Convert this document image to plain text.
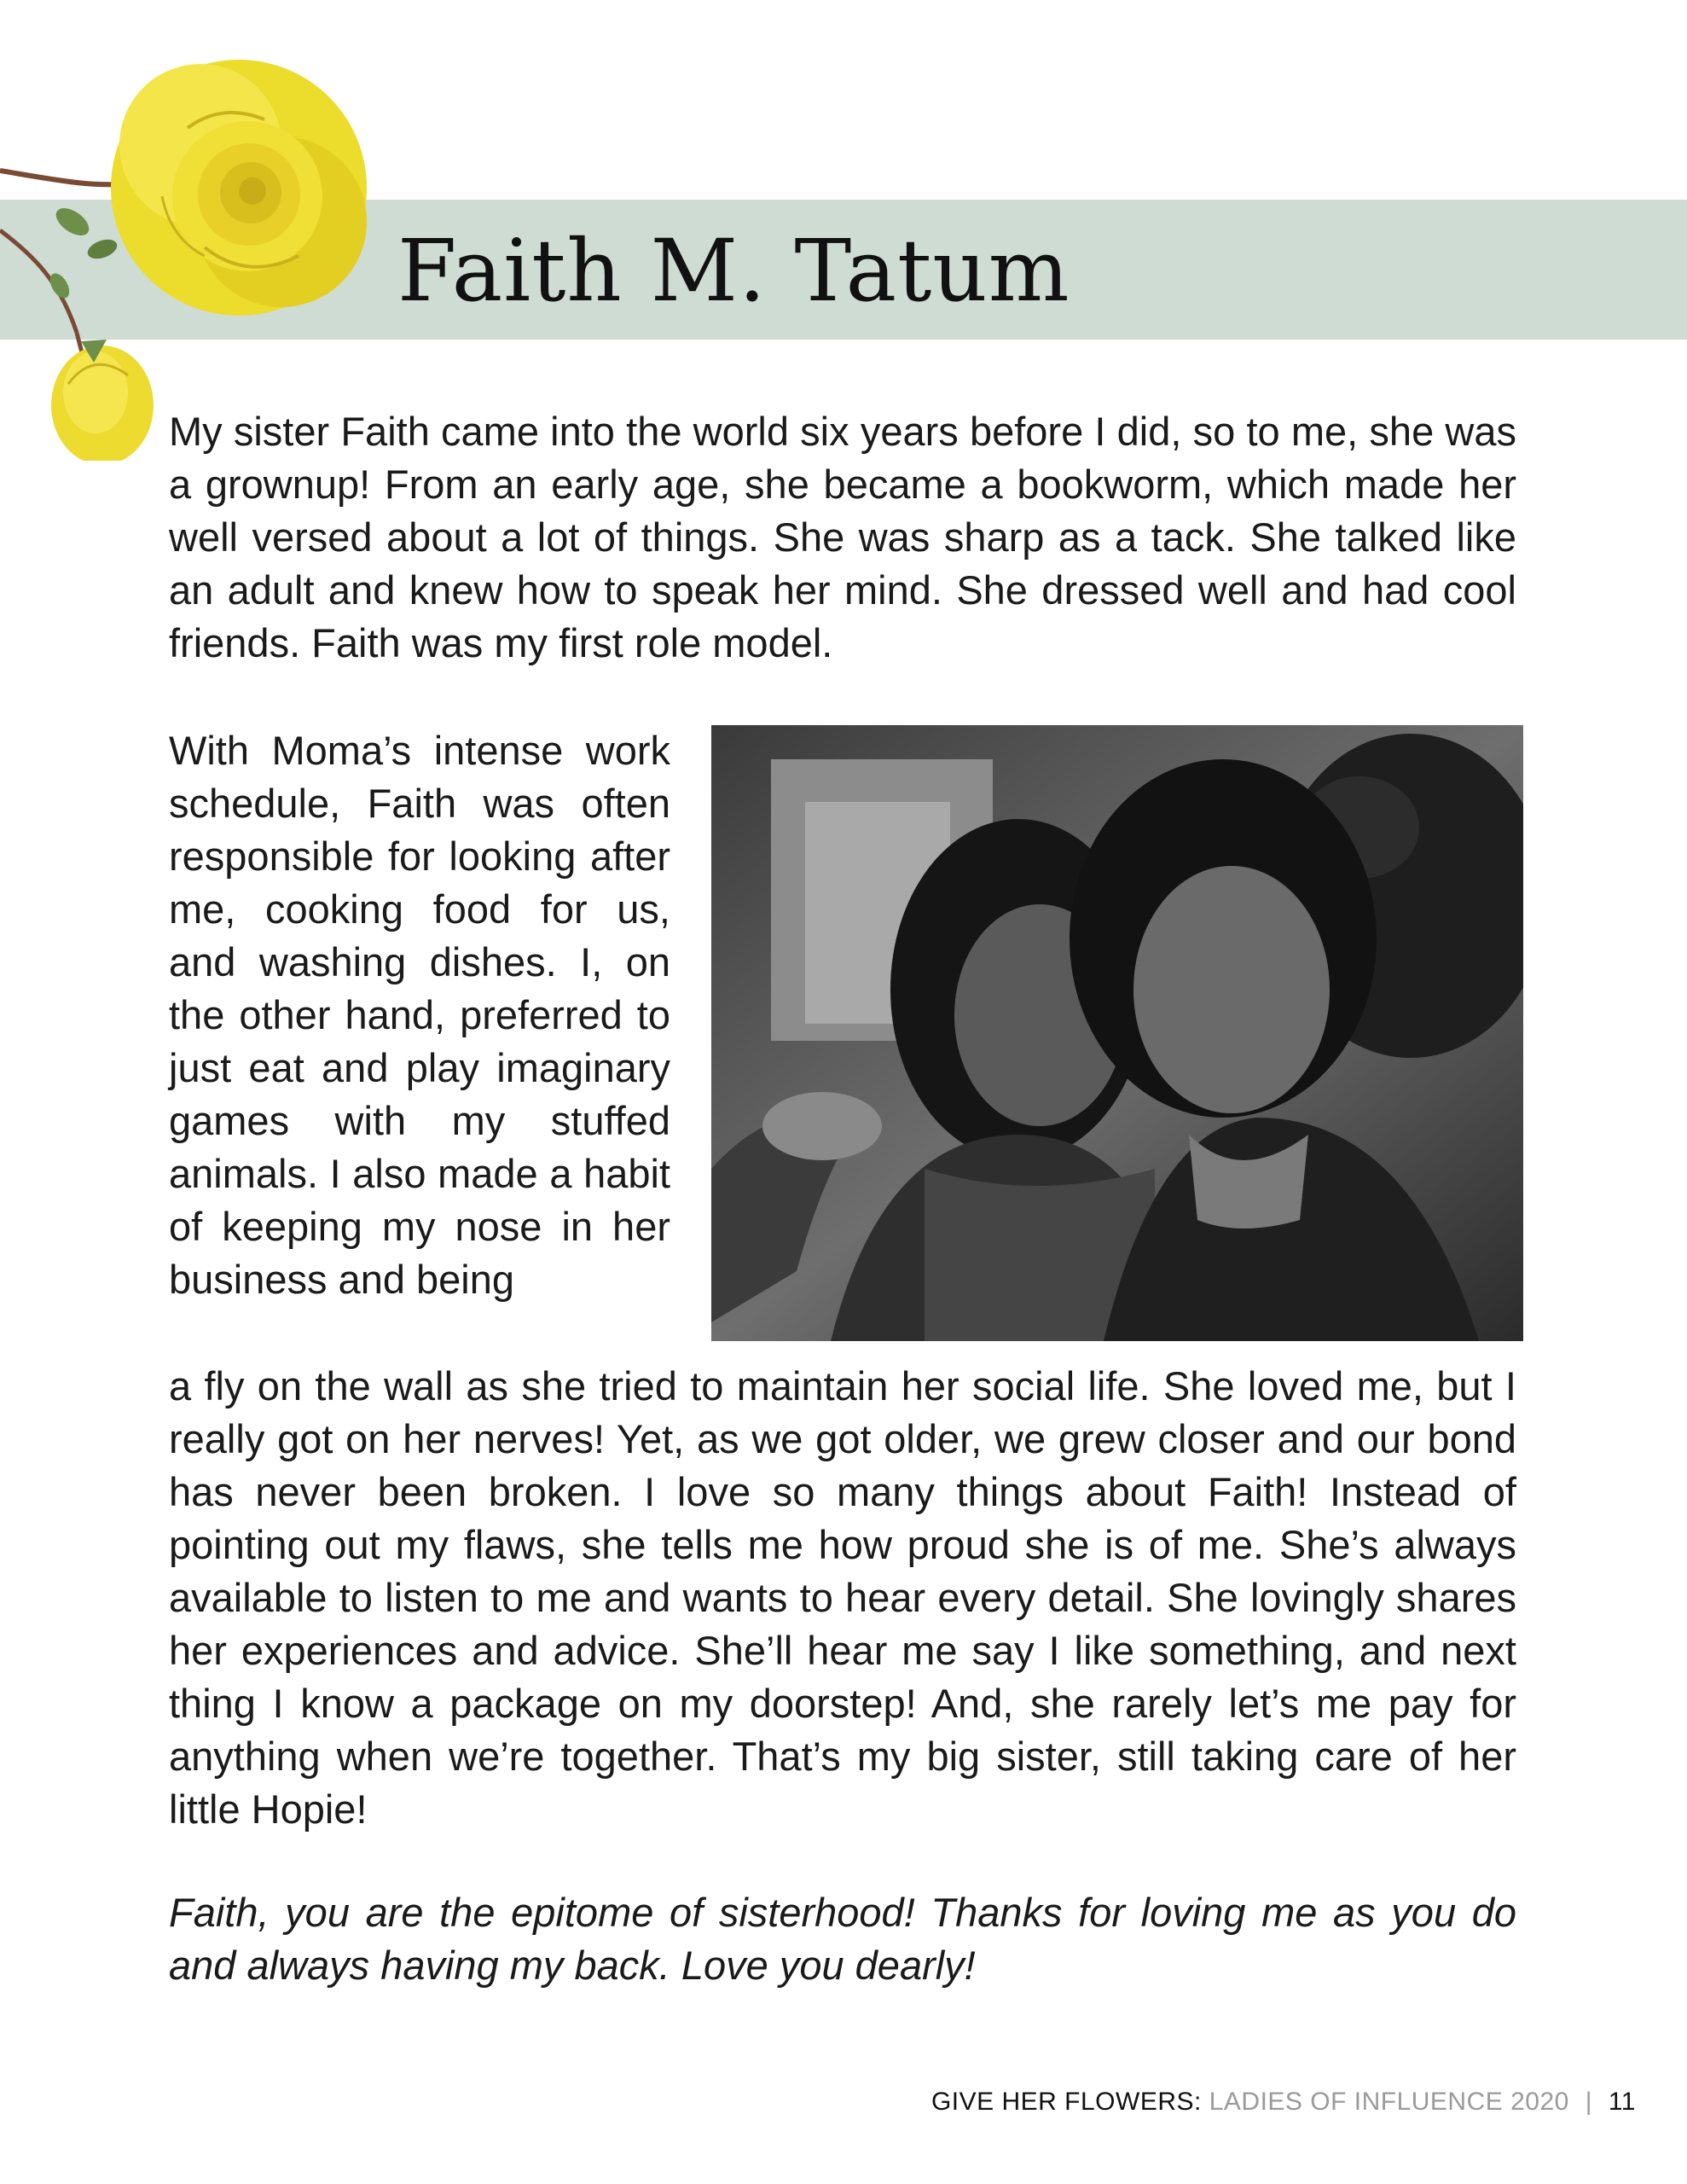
Faith M. Tatum

My sister Faith came into the world six years before I did, so to me, she was a grownup! From an early age, she became a bookworm, which made her well versed about a lot of things. She was sharp as a tack. She talked like an adult and knew how to speak her mind. She dressed well and had cool friends. Faith was my first role model.

With Moma’s intense work schedule, Faith was often responsible for looking after me, cooking food for us, and washing dishes. I, on the other hand, preferred to just eat and play imaginary games with my stuffed animals. I also made a habit of keeping my nose in her business and being

a fly on the wall as she tried to maintain her social life. She loved me, but I really got on her nerves! Yet, as we got older, we grew closer and our bond has never been broken. I love so many things about Faith! Instead of pointing out my flaws, she tells me how proud she is of me. She’s always available to listen to me and wants to hear every detail. She lovingly shares her experiences and advice. She’ll hear me say I like something, and next thing I know a package on my doorstep! And, she rarely let’s me pay for anything when we’re together. That’s my big sister, still taking care of her little Hopie!

Faith, you are the epitome of sisterhood! Thanks for loving me as you do and always having my back. Love you dearly!

GIVE HER FLOWERS: LADIES OF INFLUENCE 2020 | 11
